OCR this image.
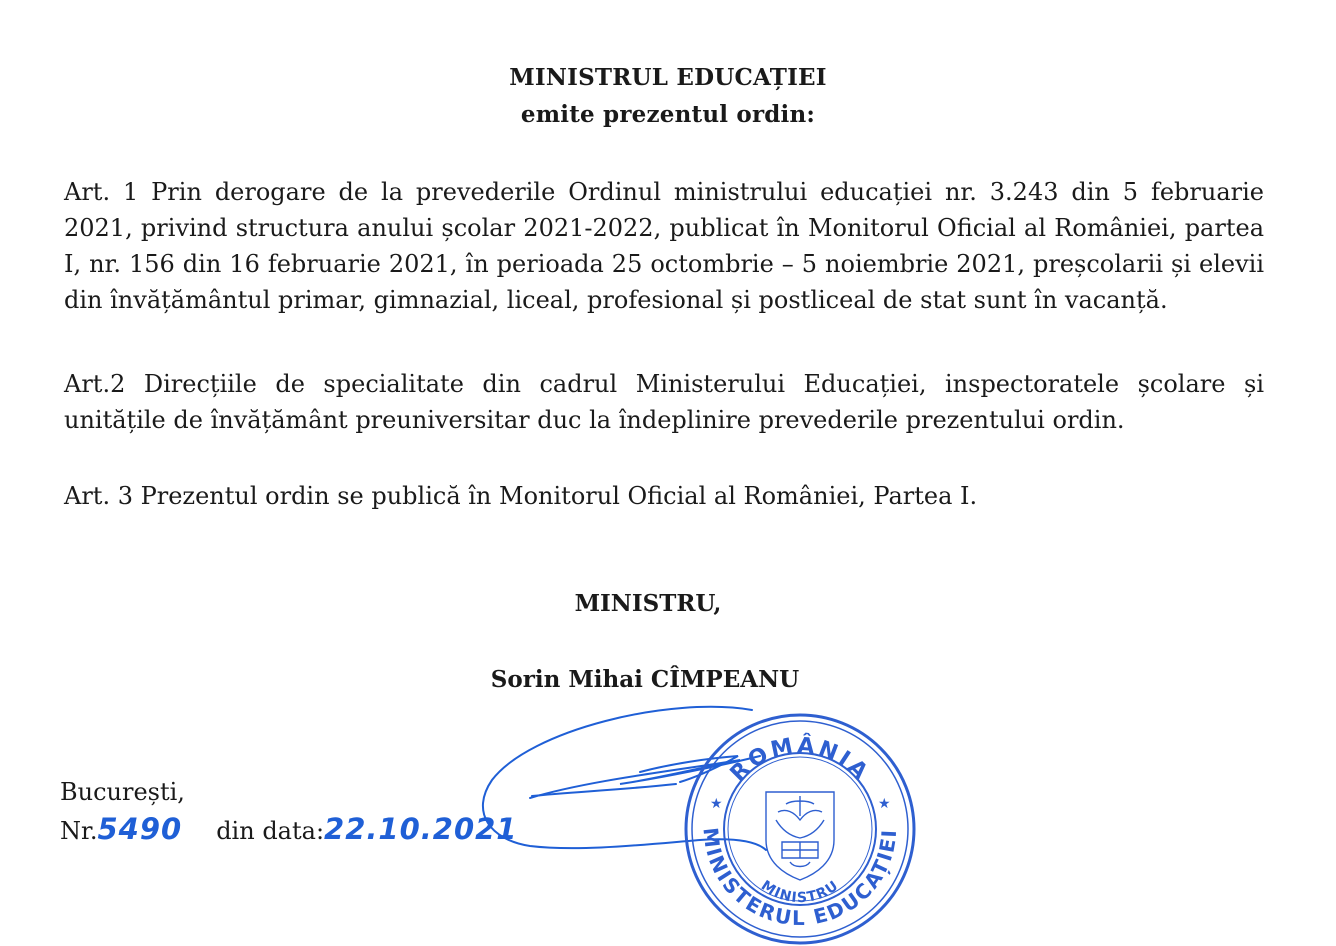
MINISTRUL EDUCAȚIEI
emite prezentul ordin:

Art. 1 Prin derogare de la prevederile Ordinul ministrului educației nr. 3.243 din 5 februarie 2021, privind structura anului școlar 2021-2022, publicat în Monitorul Oficial al României, partea I, nr. 156 din 16 februarie 2021, în perioada 25 octombrie – 5 noiembrie 2021, preșcolarii și elevii din învățământul primar, gimnazial, liceal, profesional și postliceal de stat sunt în vacanță.

Art.2 Direcțiile de specialitate din cadrul Ministerului Educației, inspectoratele școlare și unitățile de învățământ preuniversitar duc la îndeplinire prevederile prezentului ordin.

Art. 3 Prezentul ordin se publică în Monitorul Oficial al României, Partea I.

MINISTRU,
Sorin Mihai CÎMPEANU
București,
Nr.5490 din data:22.10.2021
ROMÂNIA
MINISTERUL EDUCAȚIEI
MINISTRU
★	★
